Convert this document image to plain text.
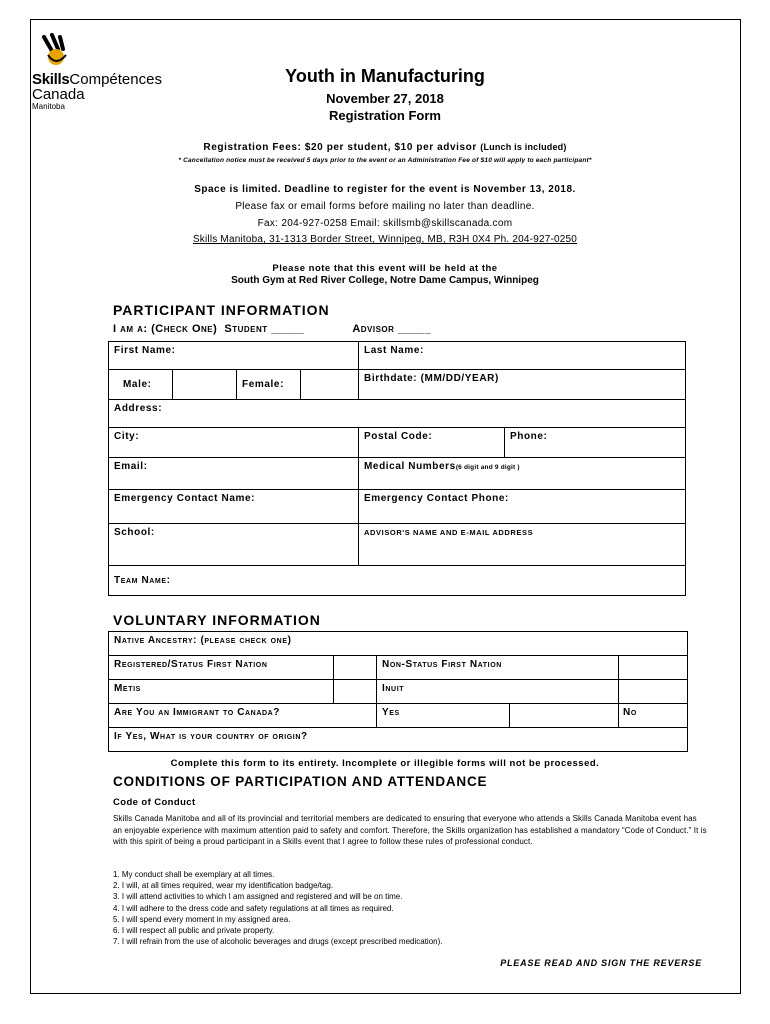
SkillsCompétences
Canada
Manitoba
Youth in Manufacturing
November 27, 2018
Registration Form
Registration Fees: $20 per student, $10 per advisor (Lunch is included)
* Cancellation notice must be received 5 days prior to the event or an Administration Fee of $10 will apply to each participant*
Space is limited. Deadline to register for the event is November 13, 2018.
Please fax or email forms before mailing no later than deadline.
Fax: 204-927-0258 Email: skillsmb@skillscanada.com
Skills Manitoba, 31-1313 Border Street, Winnipeg, MB, R3H 0X4 Ph. 204-927-0250
Please note that this event will be held at the
South Gym at Red River College, Notre Dame Campus, Winnipeg
PARTICIPANT INFORMATION
I am a: (Check One)  Student _____	Advisor _____
First Name:				Last Name:	
Male:		Female:		Birthdate: (MM/DD/YEAR)	
Address:					
City:				Postal Code:	Phone:
Email:				Medical Numbers(6 digit and 9 digit )	
Emergency Contact Name:				Emergency Contact Phone:	
School:				ADVISOR'S NAME AND E-MAIL ADDRESS	
Team Name:					
VOLUNTARY INFORMATION
Native Ancestry: (please check one)				
Registered/Status First Nation		Non-Status First Nation		
Metis		Inuit		
Are You an Immigrant to Canada?		Yes		No
If Yes, What is your country of origin?				
Complete this form to its entirety. Incomplete or illegible forms will not be processed.
CONDITIONS OF PARTICIPATION AND ATTENDANCE
Code of Conduct
Skills Canada Manitoba and all of its provincial and territorial members are dedicated to ensuring that everyone who attends a Skills Canada Manitoba event has an enjoyable experience with maximum attention paid to safety and comfort. Therefore, the Skills organization has established a mandatory “Code of Conduct.” It is with this spirit of being a proud participant in a Skills event that I agree to follow these rules of professional conduct.
1. My conduct shall be exemplary at all times.
2. I will, at all times required, wear my identification badge/tag.
3. I will attend activities to which I am assigned and registered and will be on time.
4. I will adhere to the dress code and safety regulations at all times as required.
5. I will spend every moment in my assigned area.
6. I will respect all public and private property.
7. I will refrain from the use of alcoholic beverages and drugs (except prescribed medication).
PLEASE READ AND SIGN THE REVERSE
